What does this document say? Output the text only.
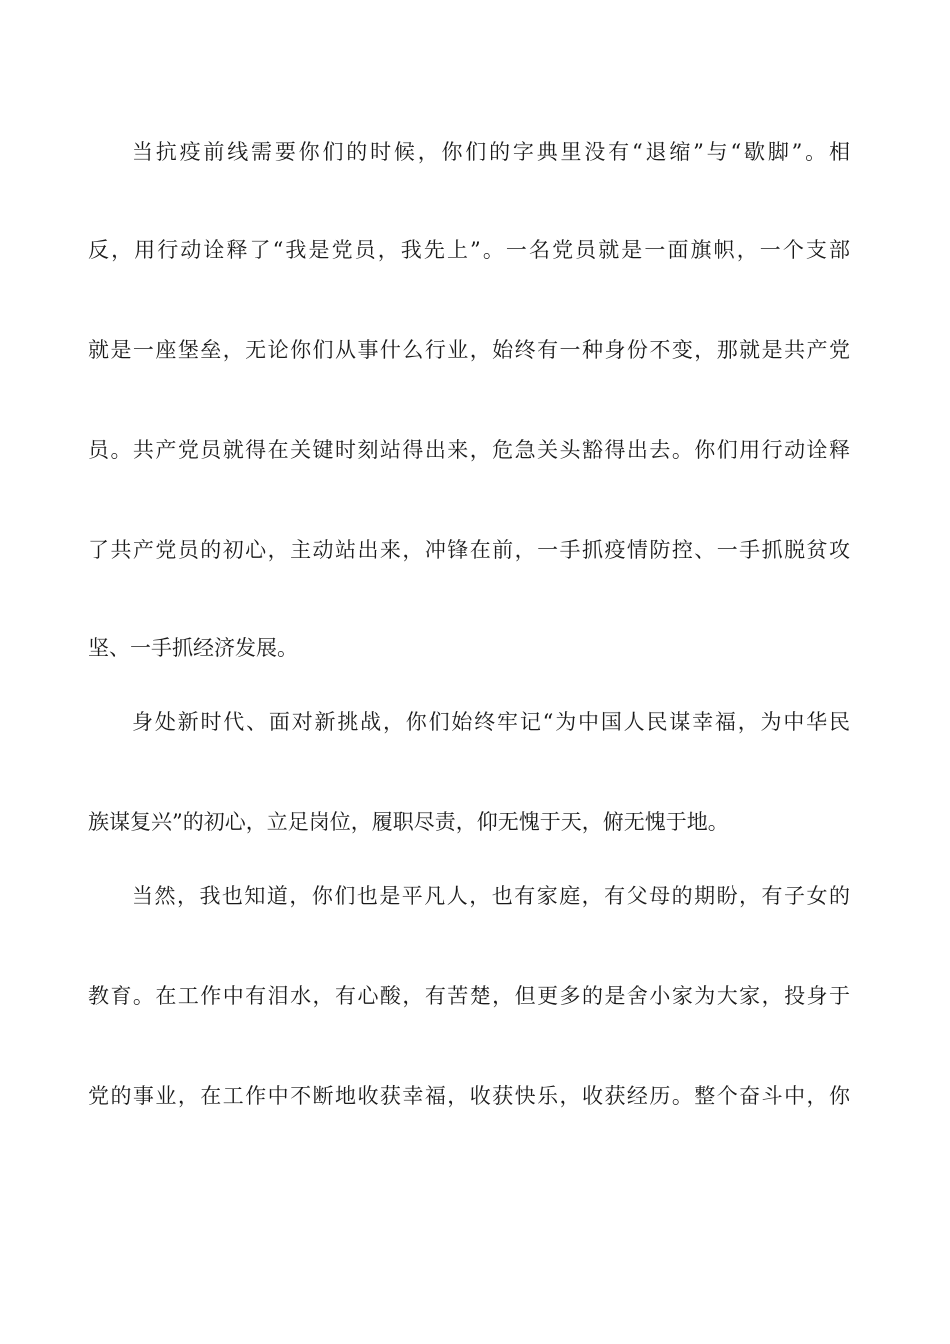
当抗疫前线需要你们的时候，你们的字典里没有“退缩”与“歇脚”。相
反，用行动诠释了“我是党员，我先上”。一名党员就是一面旗帜，一个支部
就是一座堡垒，无论你们从事什么行业，始终有一种身份不变，那就是共产党
员。共产党员就得在关键时刻站得出来，危急关头豁得出去。你们用行动诠释
了共产党员的初心，主动站出来，冲锋在前，一手抓疫情防控、一手抓脱贫攻
坚、一手抓经济发展。
身处新时代、面对新挑战，你们始终牢记“为中国人民谋幸福，为中华民
族谋复兴”的初心，立足岗位，履职尽责，仰无愧于天，俯无愧于地。
当然，我也知道，你们也是平凡人，也有家庭，有父母的期盼，有子女的
教育。在工作中有泪水，有心酸，有苦楚，但更多的是舍小家为大家，投身于
党的事业，在工作中不断地收获幸福，收获快乐，收获经历。整个奋斗中，你
